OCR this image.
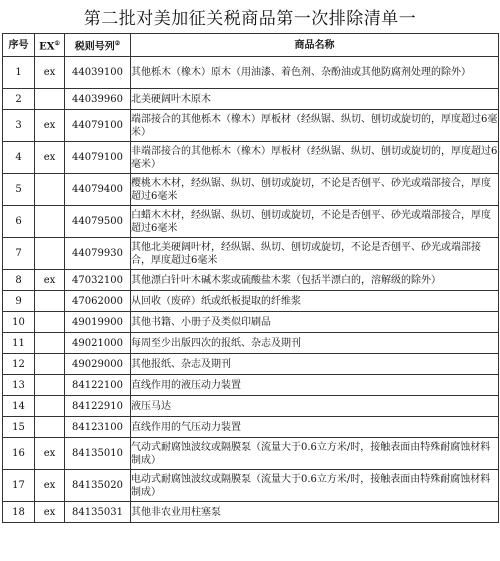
第二批对美加征关税商品第一次排除清单一
序号	EX①	税则号列②	商品名称
1	ex	44039100	其他栎木（橡木）原木（用油漆、着色剂、杂酚油或其他防腐剂处理的除外）
2		44039960	北美硬阔叶木原木
3	ex	44079100	端部接合的其他栎木（橡木）厚板材（经纵锯、纵切、刨切或旋切的，厚度超过6毫米）
4	ex	44079100	非端部接合的其他栎木（橡木）厚板材（经纵锯、纵切、刨切或旋切的，厚度超过6毫米）
5		44079400	樱桃木木材，经纵锯、纵切、刨切或旋切，不论是否刨平、砂光或端部接合，厚度超过6毫米
6		44079500	白蜡木木材，经纵锯、纵切、刨切或旋切，不论是否刨平、砂光或端部接合，厚度超过6毫米
7		44079930	其他北美硬阔叶材，经纵锯、纵切、刨切或旋切，不论是否刨平、砂光或端部接合，厚度超过6毫米
8	ex	47032100	其他漂白针叶木碱木浆或硫酸盐木浆（包括半漂白的，溶解级的除外）
9		47062000	从回收（废碎）纸或纸板提取的纤维浆
10		49019900	其他书籍、小册子及类似印刷品
11		49021000	每周至少出版四次的报纸、杂志及期刊
12		49029000	其他报纸、杂志及期刊
13		84122100	直线作用的液压动力装置
14		84122910	液压马达
15		84123100	直线作用的气压动力装置
16	ex	84135010	气动式耐腐蚀波纹或隔膜泵（流量大于0.6立方米/时，接触表面由特殊耐腐蚀材料制成）
17	ex	84135020	电动式耐腐蚀波纹或隔膜泵（流量大于0.6立方米/时，接触表面由特殊耐腐蚀材料制成）
18	ex	84135031	其他非农业用柱塞泵
